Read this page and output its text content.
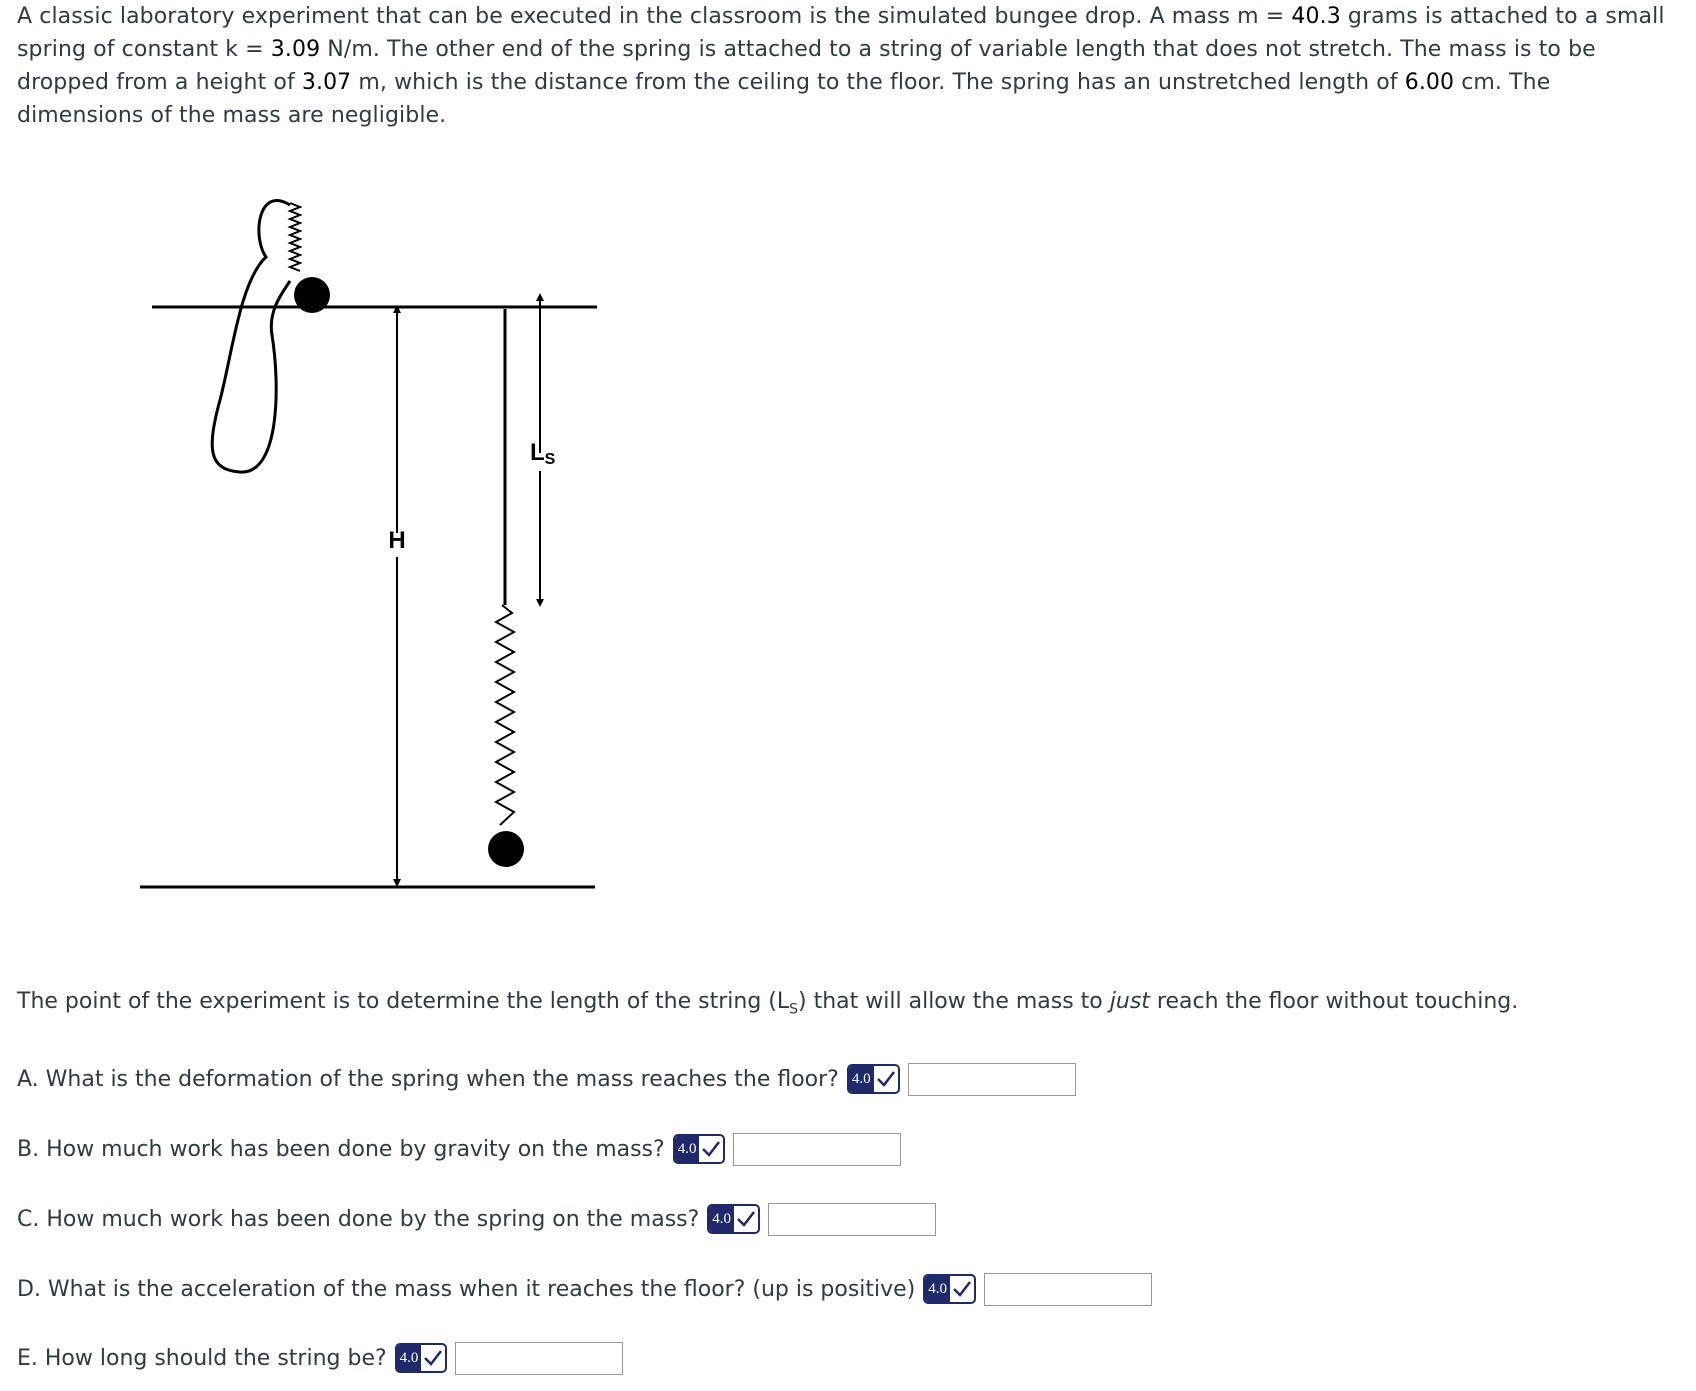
A classic laboratory experiment that can be executed in the classroom is the simulated bungee drop. A mass m = 40.3 grams is attached to a small spring of constant k = 3.09 N/m. The other end of the spring is attached to a string of variable length that does not stretch. The mass is to be dropped from a height of 3.07 m, which is the distance from the ceiling to the floor. The spring has an unstretched length of 6.00 cm. The dimensions of the mass are negligible.

H
LS

The point of the experiment is to determine the length of the string $(L_S)$ that will allow the mass to just reach the floor without touching.

A. What is the deformation of the spring when the mass reaches the floor? 4.0
B. How much work has been done by gravity on the mass? 4.0
C. How much work has been done by the spring on the mass? 4.0
D. What is the acceleration of the mass when it reaches the floor? (up is positive) 4.0
E. How long should the string be? 4.0
